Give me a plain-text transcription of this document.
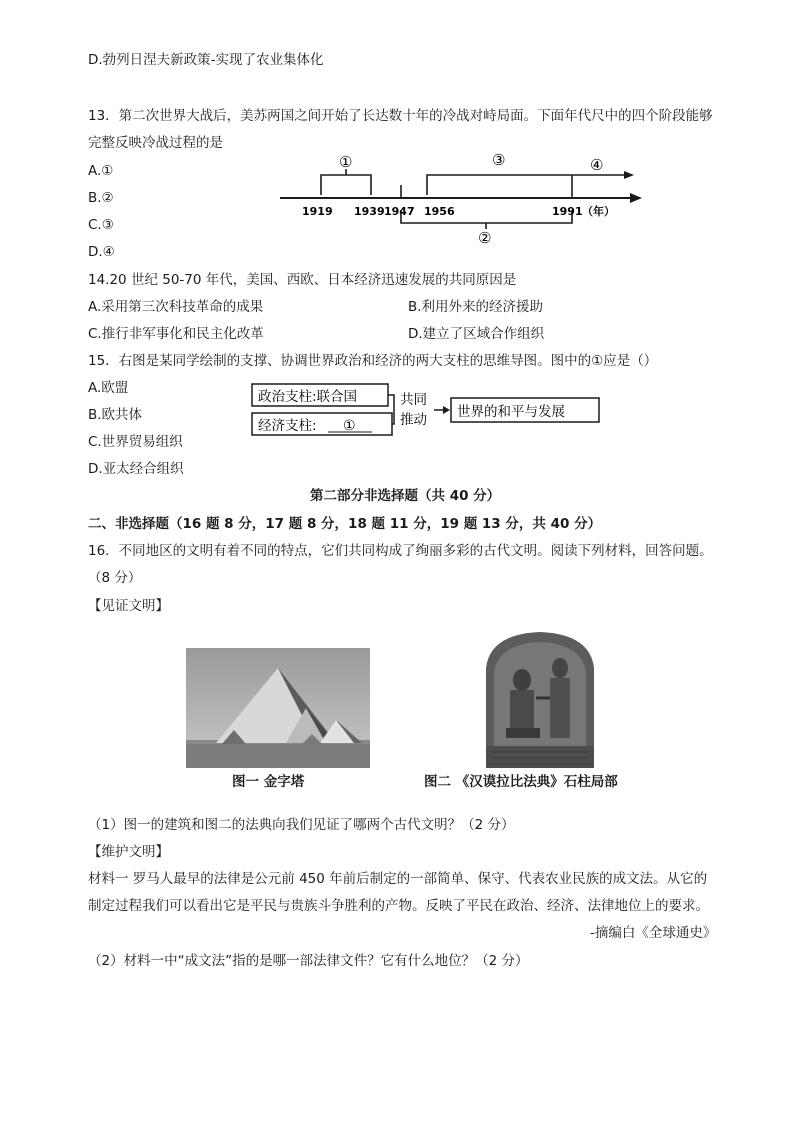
D.勃列日涅夫新政策-实现了农业集体化
13．第二次世界大战后，美苏两国之间开始了长达数十年的冷战对峙局面。下面年代尺中的四个阶段能够
完整反映冷战过程的是
A.①
B.②
C.③
D.④
①	③	④
②
1919 1939 1947 1956	1991 （年）
14.20 世纪 50-70 年代，美国、西欧、日本经济迅速发展的共同原因是
A.采用第三次科技革命的成果	B.利用外来的经济援助
C.推行非军事化和民主化改革	D.建立了区域合作组织
15．右图是某同学绘制的支撑、协调世界政治和经济的两大支柱的思维导图。图中的①应是（）
A.欧盟
B.欧共体
C.世界贸易组织
D.亚太经合组织
政治支柱:联合国
经济支柱: ①
共同
推动 世界的和平与发展
第二部分非选择题（共 40 分）
二、非选择题（16 题 8 分，17 题 8 分，18 题 11 分，19 题 13 分，共 40 分）
16．不同地区的文明有着不同的特点，它们共同构成了绚丽多彩的古代文明。阅读下列材料，回答问题。
（8 分）
【见证文明】
图一 金字塔	图二 《汉谟拉比法典》石柱局部
（1）图一的建筑和图二的法典向我们见证了哪两个古代文明？（2 分）
【维护文明】
材料一 罗马人最早的法律是公元前 450 年前后制定的一部简单、保守、代表农业民族的成文法。从它的
制定过程我们可以看出它是平民与贵族斗争胜利的产物。反映了平民在政治、经济、法律地位上的要求。
-摘编白《全球通史》
（2）材料一中“成文法”指的是哪一部法律文件？它有什么地位？（2 分）
